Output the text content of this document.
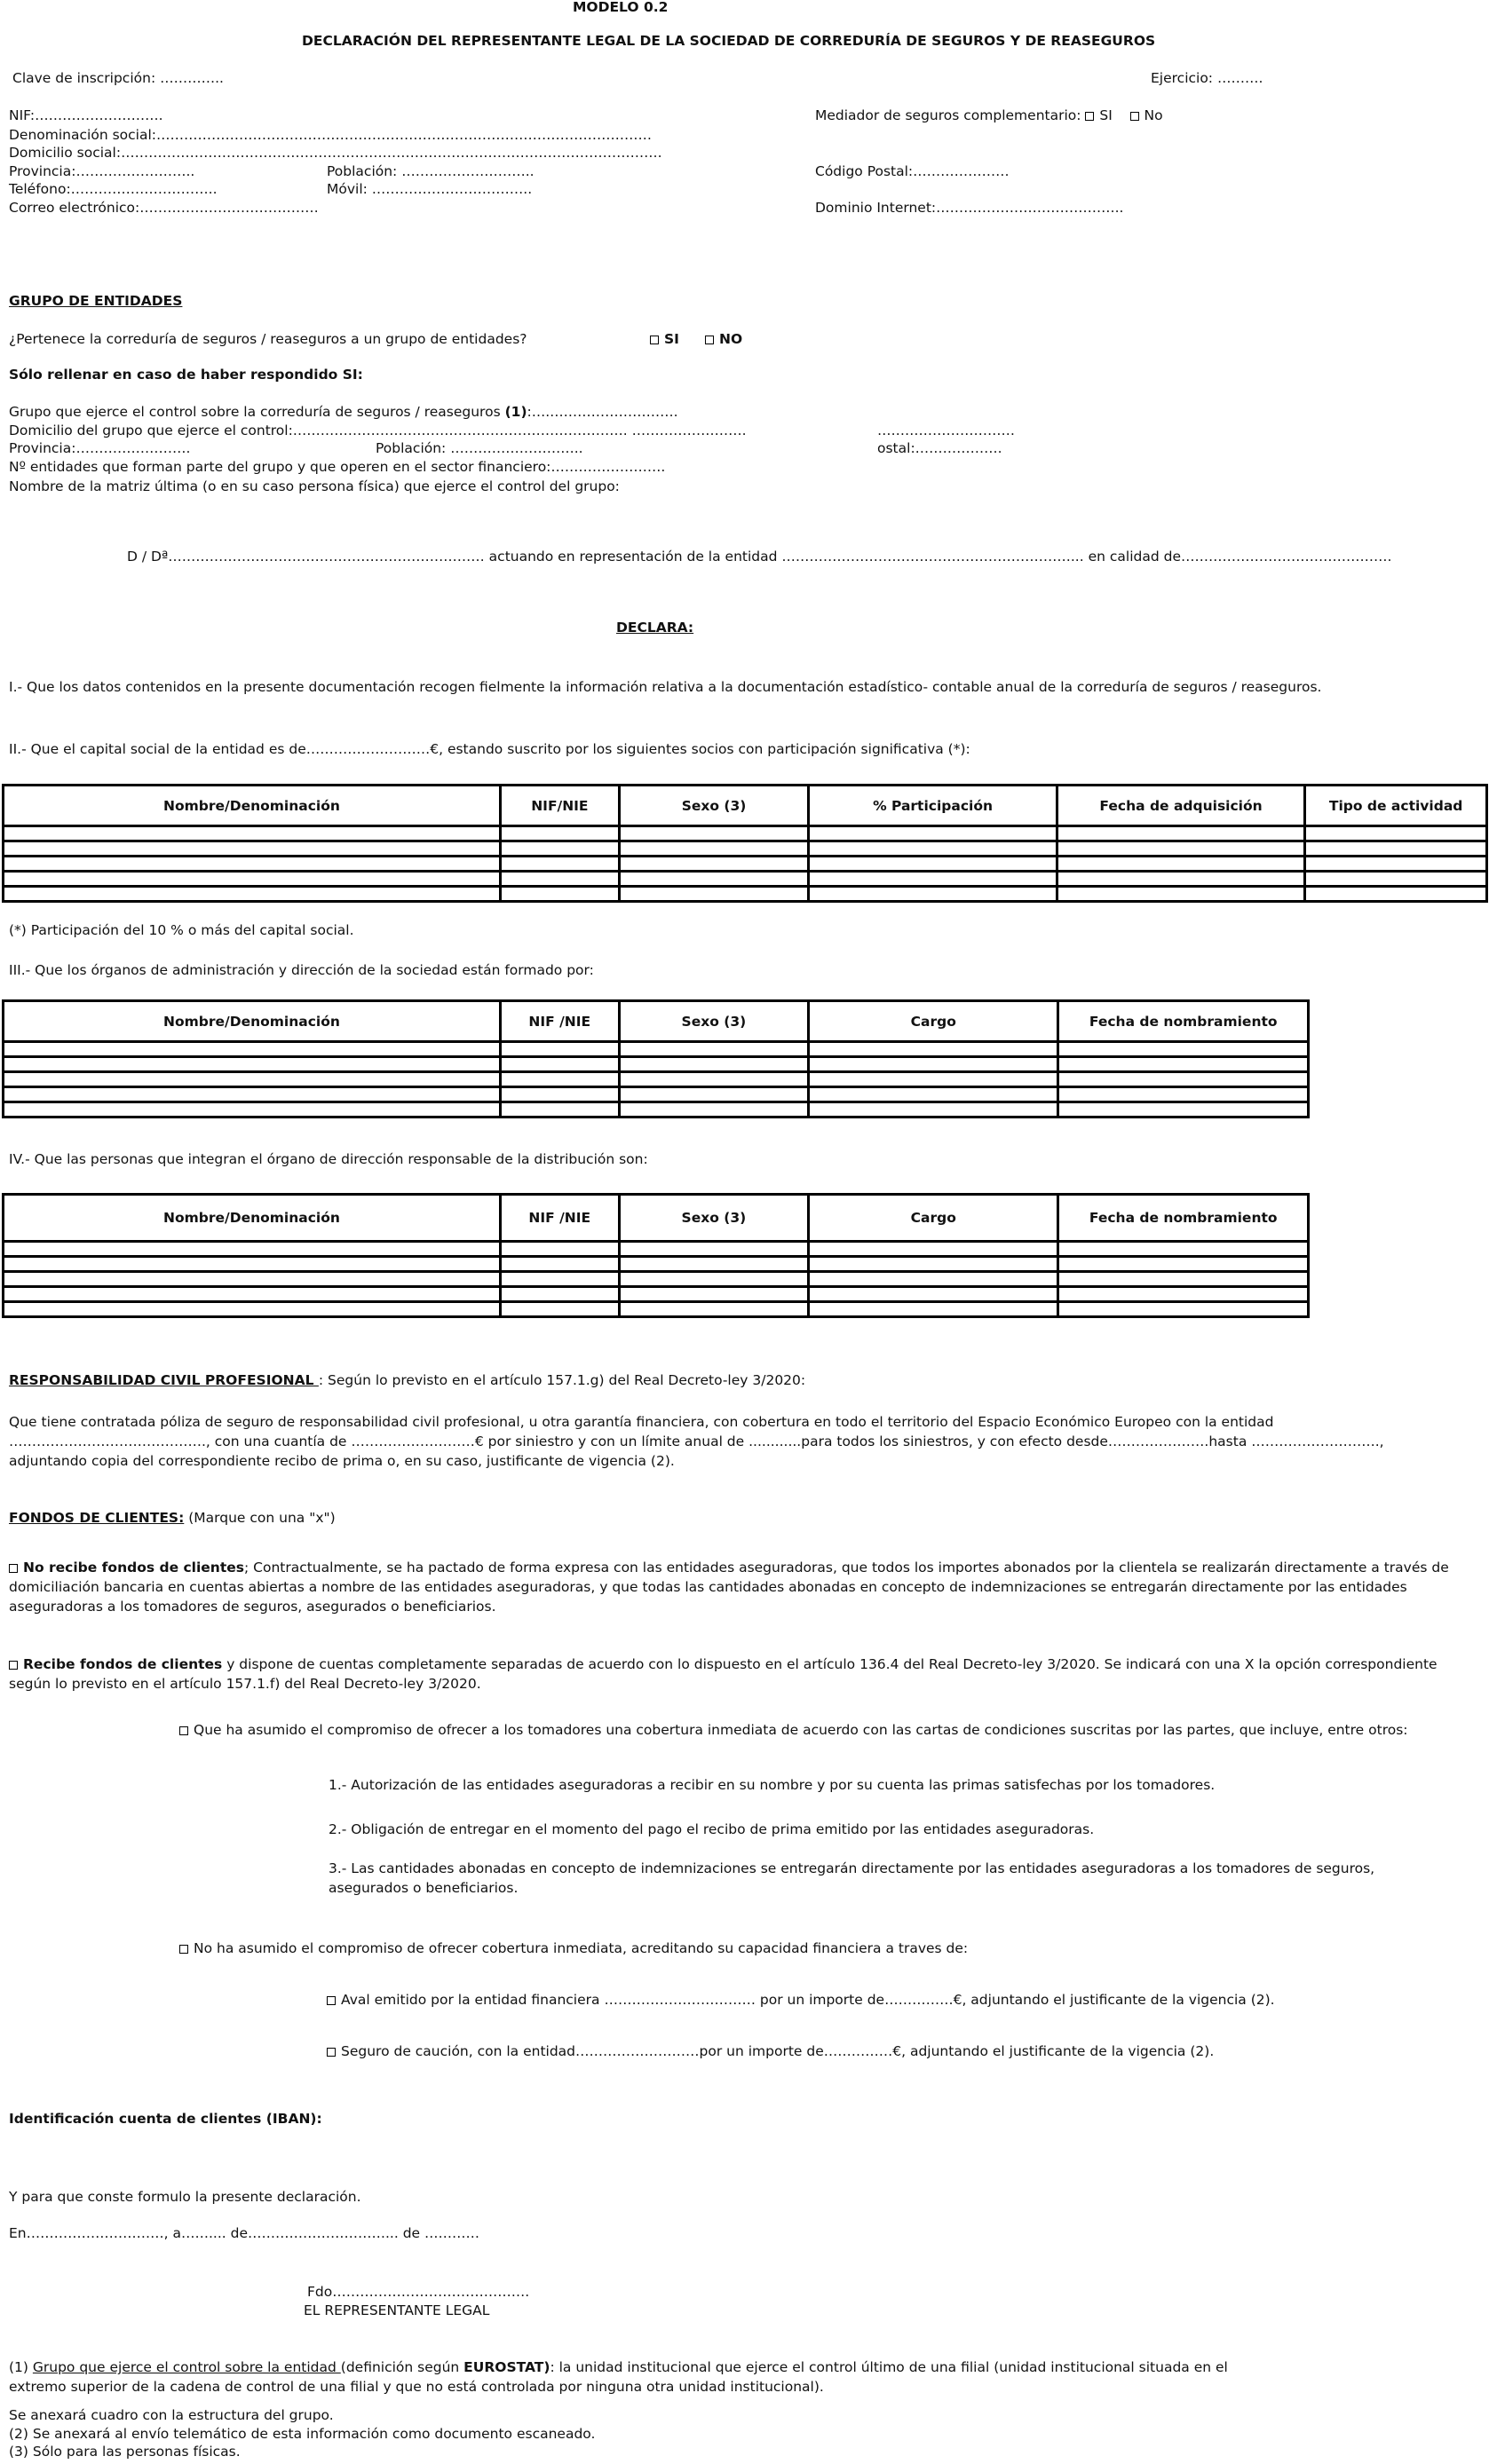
MODELO 0.2
DECLARACIÓN DEL REPRESENTANTE LEGAL DE LA SOCIEDAD DE CORREDURÍA DE SEGUROS Y DE REASEGUROS
Clave de inscripción: …………..	Ejercicio: ……….
NIF:……………………….
Denominación social:………………………………………………………………………………………………
Domicilio social:……………………………………………………………………………………………………….
Provincia:……………………..	Población: ………………………..
Teléfono:…………………………..	Móvil: ……………………………..
Correo electrónico:…………………………………
Mediador de seguros complementario: SI No
Código Postal:…………………
Dominio Internet:…………………………………..
GRUPO DE ENTIDADES
¿Pertenece la correduría de seguros / reaseguros a un grupo de entidades?	SI	NO
Sólo rellenar en caso de haber respondido SI:
Grupo que ejerce el control sobre la correduría de seguros / reaseguros (1):….……………………….
Domicilio del grupo que ejerce el control:………………………………………………………………. …………………….	…………………………
Provincia:…………………….	Población: ………………………..	ostal:……………….
Nº entidades que forman parte del grupo y que operen en el sector financiero:…………………….
Nombre de la matriz última (o en su caso persona física) que ejerce el control del grupo:
D / Dª…………………………………………………………… actuando en representación de la entidad ………………………………………………………... en calidad de……………………………………….
DECLARA:
I.- Que los datos contenidos en la presente documentación recogen fielmente la información relativa a la documentación estadístico- contable anual de la correduría de seguros / reaseguros.
II.- Que el capital social de la entidad es de………………………€, estando suscrito por los siguientes socios con participación significativa (*):
Nombre/Denominación	NIF/NIE	Sexo (3)	% Participación	Fecha de adquisición	Tipo de actividad

(*) Participación del 10 % o más del capital social.
III.- Que los órganos de administración y dirección de la sociedad están formado por:
Nombre/Denominación	NIF /NIE	Sexo (3)	Cargo	Fecha de nombramiento

IV.- Que las personas que integran el órgano de dirección responsable de la distribución son:
Nombre/Denominación	NIF /NIE	Sexo (3)	Cargo	Fecha de nombramiento

RESPONSABILIDAD CIVIL PROFESIONAL : Según lo previsto en el artículo 157.1.g) del Real Decreto-ley 3/2020:
Que tiene contratada póliza de seguro de responsabilidad civil profesional, u otra garantía financiera, con cobertura en todo el territorio del Espacio Económico Europeo con la entidad ……………………………………., con una cuantía de ………………………€ por siniestro y con un límite anual de ............para todos los siniestros, y con efecto desde………………….hasta ………………………., adjuntando copia del correspondiente recibo de prima o, en su caso, justificante de vigencia (2).
FONDOS DE CLIENTES: (Marque con una "x")
No recibe fondos de clientes; Contractualmente, se ha pactado de forma expresa con las entidades aseguradoras, que todos los importes abonados por la clientela se realizarán directamente a través de domiciliación bancaria en cuentas abiertas a nombre de las entidades aseguradoras, y que todas las cantidades abonadas en concepto de indemnizaciones se entregarán directamente por las entidades aseguradoras a los tomadores de seguros, asegurados o beneficiarios.
Recibe fondos de clientes y dispone de cuentas completamente separadas de acuerdo con lo dispuesto en el artículo 136.4 del Real Decreto-ley 3/2020. Se indicará con una X la opción correspondiente según lo previsto en el artículo 157.1.f) del Real Decreto-ley 3/2020.
Que ha asumido el compromiso de ofrecer a los tomadores una cobertura inmediata de acuerdo con las cartas de condiciones suscritas por las partes, que incluye, entre otros:
1.- Autorización de las entidades aseguradoras a recibir en su nombre y por su cuenta las primas satisfechas por los tomadores.
2.- Obligación de entregar en el momento del pago el recibo de prima emitido por las entidades aseguradoras.
3.- Las cantidades abonadas en concepto de indemnizaciones se entregarán directamente por las entidades aseguradoras a los tomadores de seguros, asegurados o beneficiarios.
No ha asumido el compromiso de ofrecer cobertura inmediata, acreditando su capacidad financiera a traves de:
Aval emitido por la entidad financiera …………………………… por un importe de……………€, adjuntando el justificante de la vigencia (2).
Seguro de caución, con la entidad………………………por un importe de……………€, adjuntando el justificante de la vigencia (2).
Identificación cuenta de clientes (IBAN):
Y para que conste formulo la presente declaración.
En…………………………, a…….... de…………………………... de …………
Fdo…………………………………….
EL REPRESENTANTE LEGAL
(1) Grupo que ejerce el control sobre la entidad (definición según EUROSTAT): la unidad institucional que ejerce el control último de una filial (unidad institucional situada en el extremo superior de la cadena de control de una filial y que no está controlada por ninguna otra unidad institucional).
Se anexará cuadro con la estructura del grupo.
(2) Se anexará al envío telemático de esta información como documento escaneado.
(3) Sólo para las personas físicas.
